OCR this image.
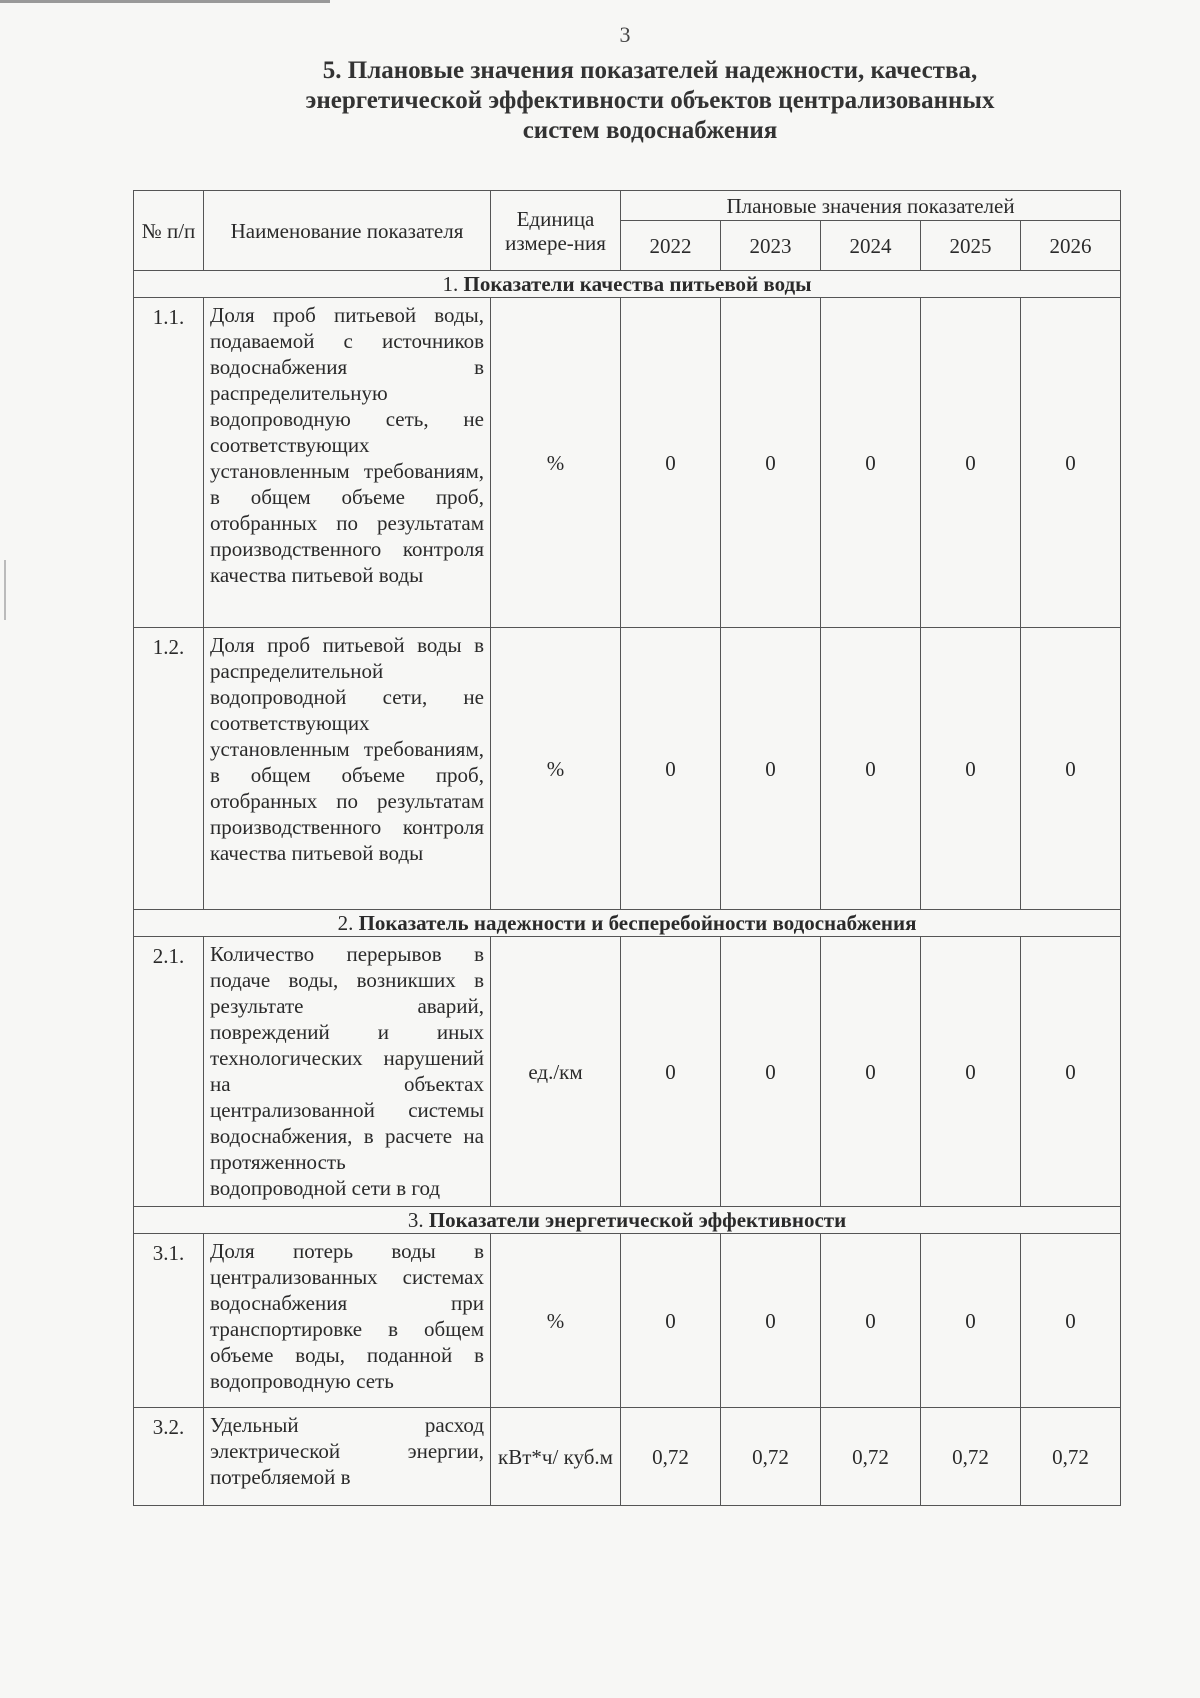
3
5. Плановые значения показателей надежности, качества,
энергетической эффективности объектов централизованных
систем водоснабжения
№ п/п	Наименование показателя	Единица измере-ния	Плановые значения показателей				
			2022	2023	2024	2025	2026
1. Показатели качества питьевой воды							
1.1.	Доля проб питьевой воды, подаваемой с источников водоснабжения в распределительную водопроводную сеть, не соответствующих установленным требованиям, в общем объеме проб, отобранных по результатам производственного контроля качества питьевой воды	%	0	0	0	0	0
1.2.	Доля проб питьевой воды в распределительной водопроводной сети, не соответствующих установленным требованиям, в общем объеме проб, отобранных по результатам производственного контроля качества питьевой воды	%	0	0	0	0	0
2. Показатель надежности и бесперебойности водоснабжения							
2.1.	Количество перерывов в подаче воды, возникших в результате аварий, повреждений и иных технологических нарушений на объектах централизованной системы водоснабжения, в расчете на протяженность водопроводной сети в год	ед./км	0	0	0	0	0
3. Показатели энергетической эффективности							
3.1.	Доля потерь воды в централизованных системах водоснабжения при транспортировке в общем объеме воды, поданной в водопроводную сеть	%	0	0	0	0	0
3.2.	Удельный расход электрической энергии, потребляемой в	кВт*ч/ куб.м	0,72	0,72	0,72	0,72	0,72
